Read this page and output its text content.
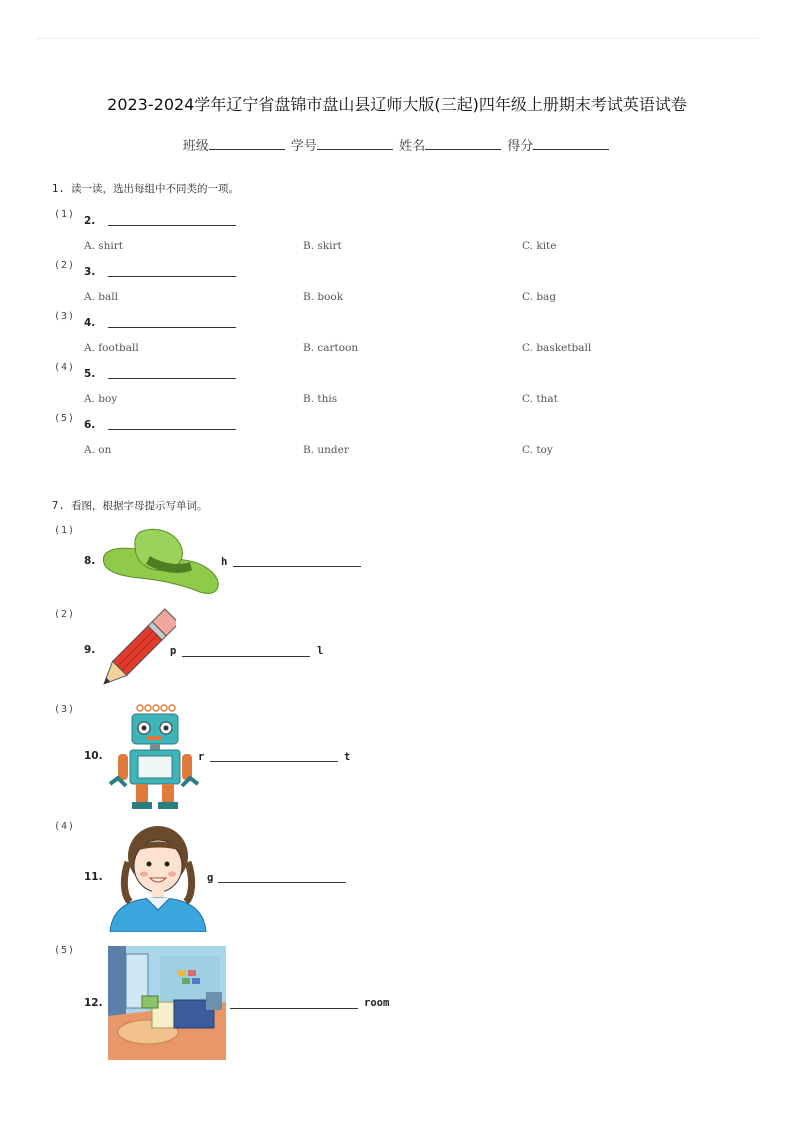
2023-2024学年辽宁省盘锦市盘山县辽师大版(三起)四年级上册期末考试英语试卷
班级	学号	姓名	得分
1. 读一读，选出每组中不同类的一项。
(1)
2.
A. shirt	B. skirt	C. kite
(2)
3.
A. ball	B. book	C. bag
(3)
4.
A. football	B. cartoon	C. basketball
(4)
5.
A. boy	B. this	C. that
(5)
6.
A. on	B. under	C. toy
7. 看图，根据字母提示写单词。
(1)
8.	h
(2)
9.	p	l
(3)
10.	r	t
(4)
11.	g
(5)
12.	room
